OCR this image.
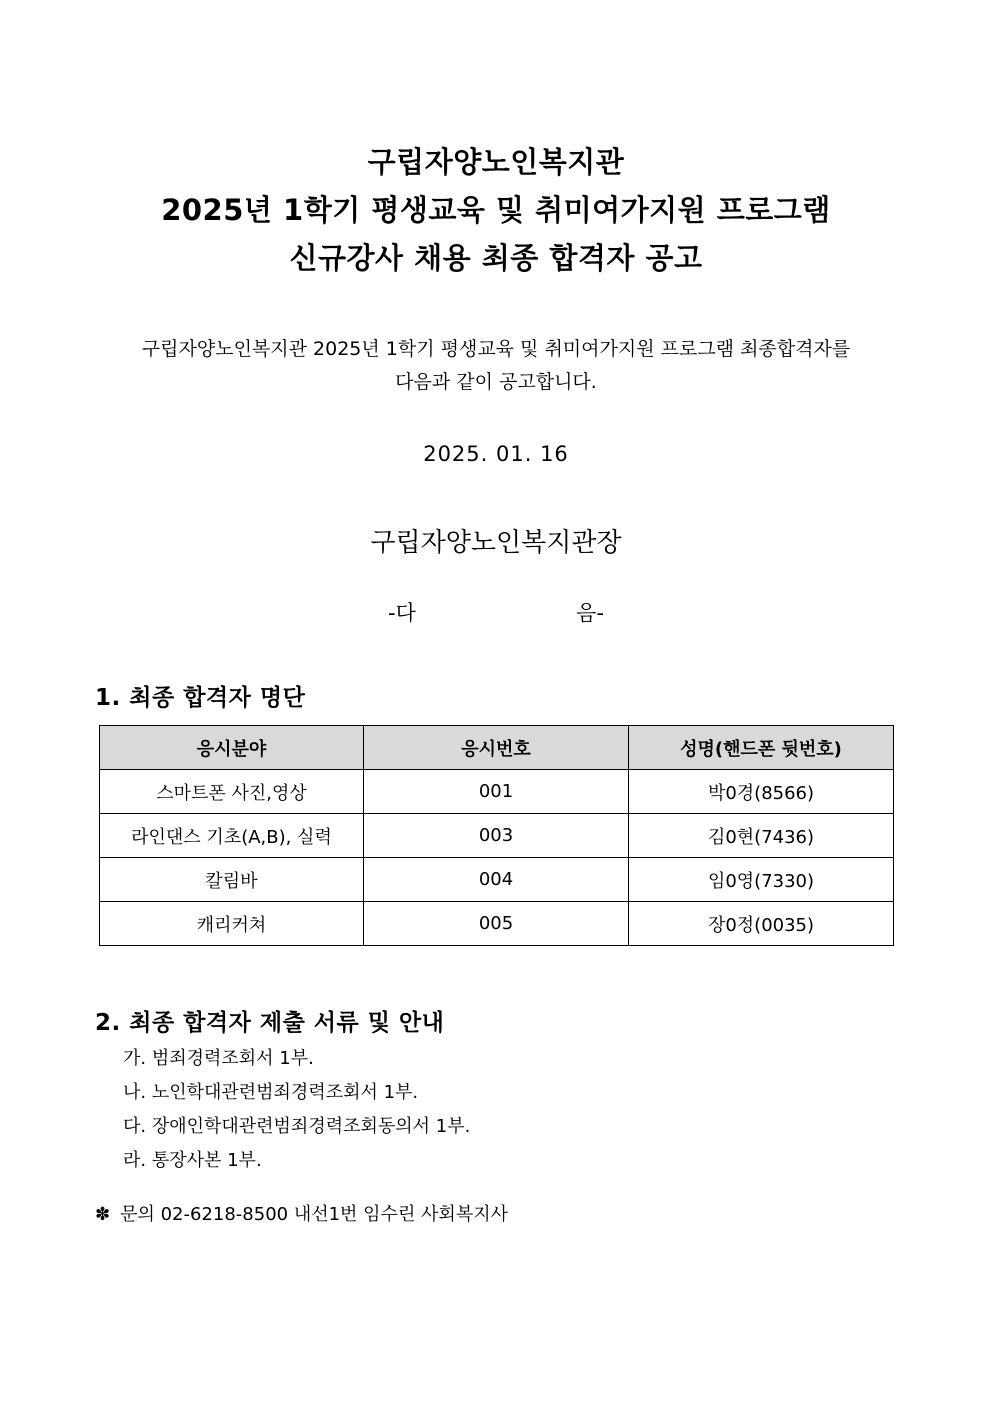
구립자양노인복지관
2025년 1학기 평생교육 및 취미여가지원 프로그램
신규강사 채용 최종 합격자 공고
구립자양노인복지관 2025년 1학기 평생교육 및 취미여가지원 프로그램 최종합격자를
다음과 같이 공고합니다.
2025. 01. 16
구립자양노인복지관장
-다	음-
1. 최종 합격자 명단
응시분야	응시번호	성명(핸드폰 뒷번호)
스마트폰 사진,영상	001	박0경(8566)
라인댄스 기초(A,B), 실력	003	김0현(7436)
칼림바	004	임0영(7330)
캐리커쳐	005	장0정(0035)
2. 최종 합격자 제출 서류 및 안내
가. 범죄경력조회서 1부.
나. 노인학대관련범죄경력조회서 1부.
다. 장애인학대관련범죄경력조회동의서 1부.
라. 통장사본 1부.
✽ 문의 02-6218-8500 내선1번 임수린 사회복지사
